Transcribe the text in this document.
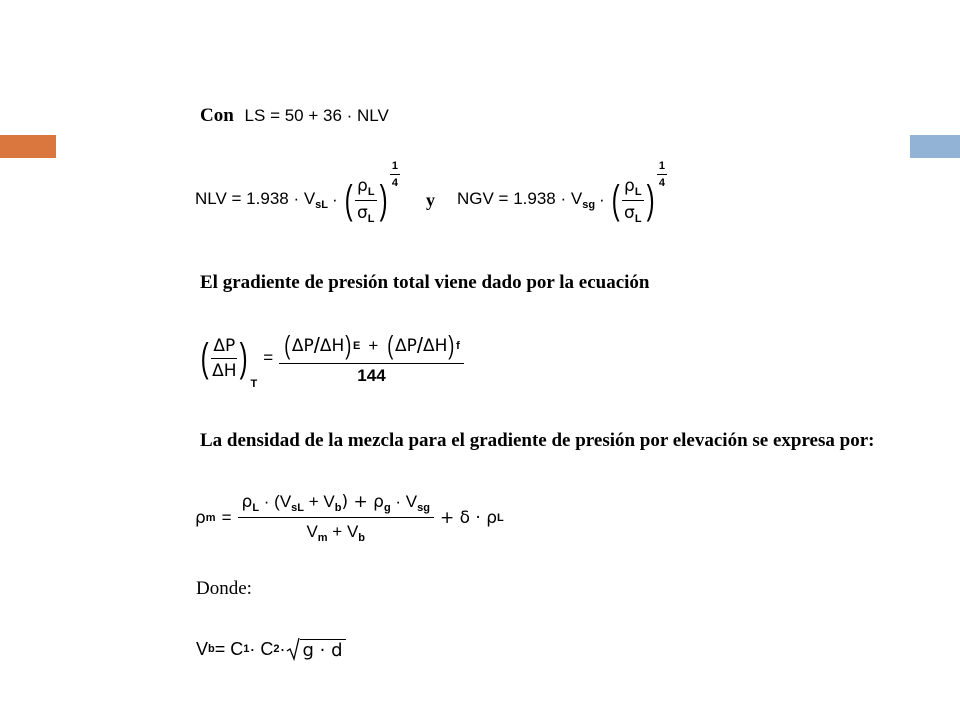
Con LS = 50 + 36 · NLV
NLV = $1.938 \cdot V_{sL}$ · ( $\frac{\rho_L}{\sigma_L}$ )
$\frac{1}{4}$
y NGV = $1.938 \cdot V_{sg}$ · ( $\frac{\rho_L}{\sigma_L}$ )
$\frac{1}{4}$
El gradiente de presión total viene dado por la ecuación
( $\frac{\Delta P}{\Delta H}$ )
T
= $\frac{( \Delta P / \Delta H ) E + ( \Delta P / \Delta H ) f}{144}$
La densidad de la mezcla para el gradiente de presión por elevación se expresa por:
ρ $m = \frac{\rho_L \cdot (V_{sL} + V_b) + \rho_g \cdot V_{sg}}{V_m + V_b} + \delta \cdot \rho$ L
Donde:
V b = C 1 · C 2 · g · d
